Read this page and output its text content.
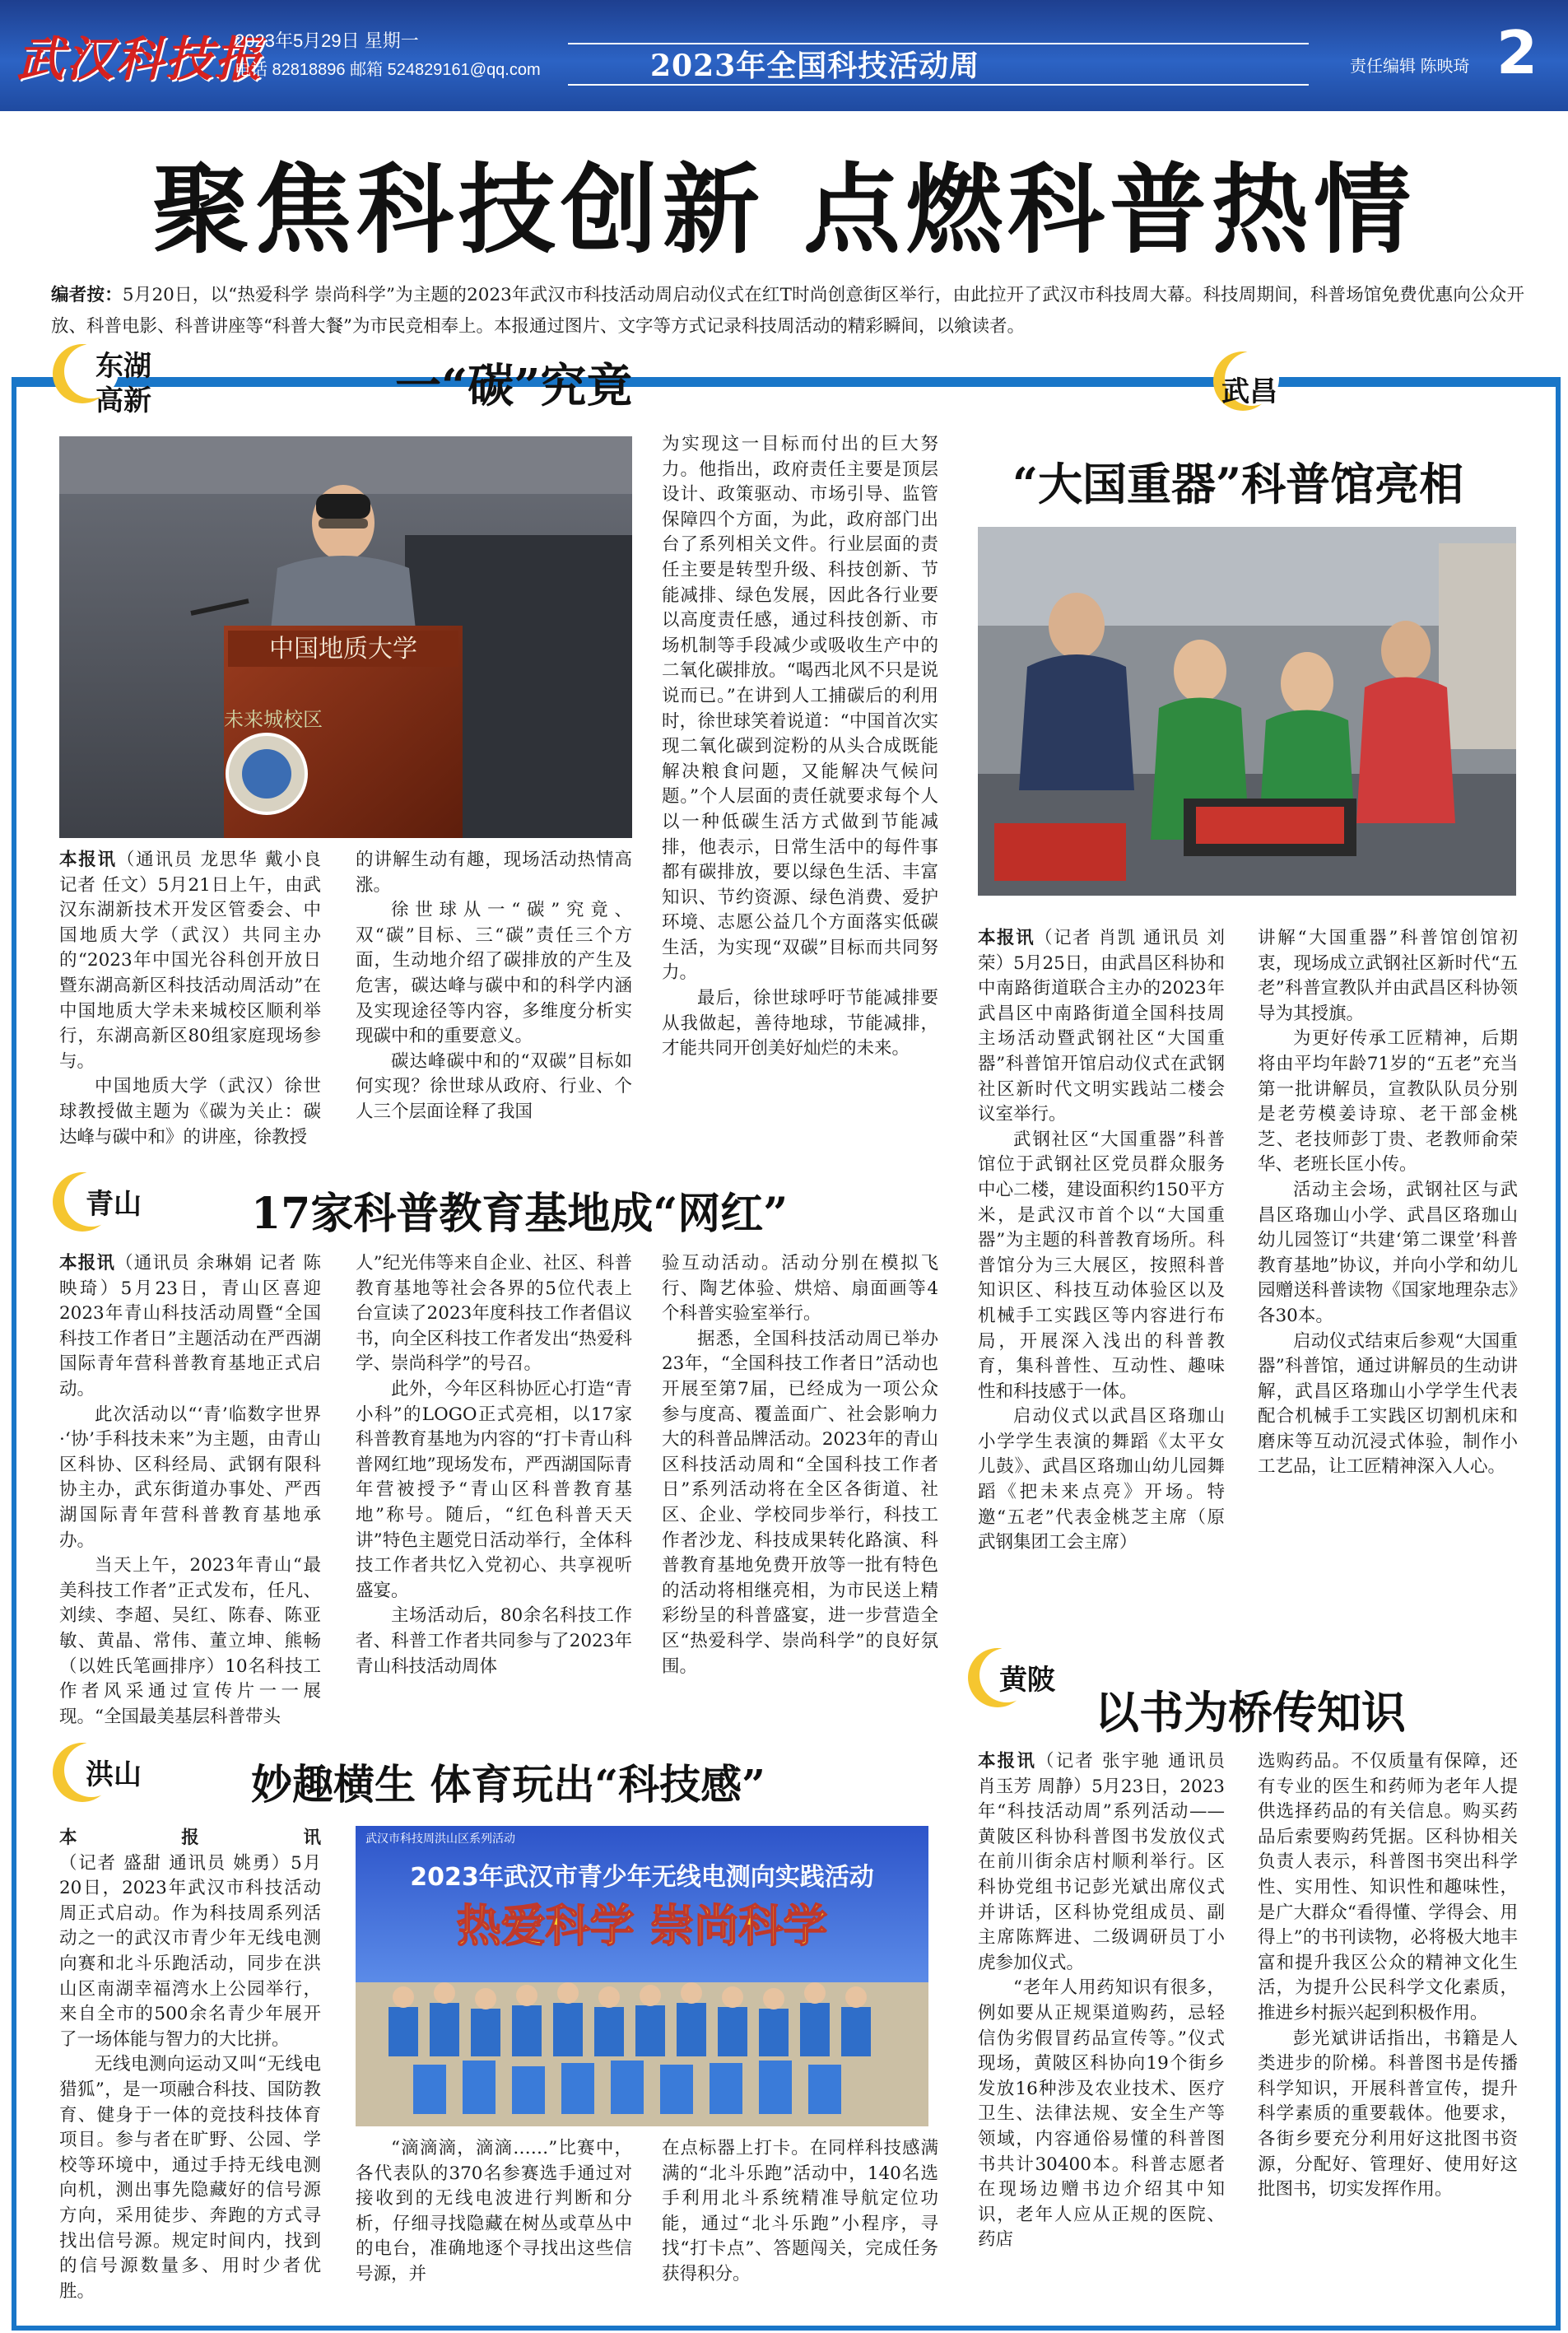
武汉科技报
2023年5月29日 星期一
电话 82818896 邮箱 524829161@qq.com	2023年全国科技活动周	责任编辑 陈映琦 2
聚焦科技创新 点燃科普热情
编者按：5月20日，以“热爱科学 崇尚科学”为主题的2023年武汉市科技活动周启动仪式在红T时尚创意街区举行，由此拉开了武汉市科技周大幕。科技周期间，科普场馆免费优惠向公众开放、科普电影、科普讲座等“科普大餐”为市民竞相奉上。本报通过图片、文字等方式记录科技周活动的精彩瞬间，以飨读者。
东湖高新	一“碳”究竟
中国地质大学
未来城校区

本报讯（通讯员 龙思华 戴小良 记者 任文）5月21日上午，由武汉东湖新技术开发区管委会、中国地质大学（武汉）共同主办的“2023年中国光谷科创开放日暨东湖高新区科技活动周活动”在中国地质大学未来城校区顺利举行，东湖高新区80组家庭现场参与。

中国地质大学（武汉）徐世球教授做主题为《碳为关止：碳达峰与碳中和》的讲座，徐教授

的讲解生动有趣，现场活动热情高涨。

徐世球从一“碳”究竟、双“碳”目标、三“碳”责任三个方面，生动地介绍了碳排放的产生及危害，碳达峰与碳中和的科学内涵及实现途径等内容，多维度分析实现碳中和的重要意义。

碳达峰碳中和的“双碳”目标如何实现？徐世球从政府、行业、个人三个层面诠释了我国

为实现这一目标而付出的巨大努力。他指出，政府责任主要是顶层设计、政策驱动、市场引导、监管保障四个方面，为此，政府部门出台了系列相关文件。行业层面的责任主要是转型升级、科技创新、节能减排、绿色发展，因此各行业要以高度责任感，通过科技创新、市场机制等手段减少或吸收生产中的二氧化碳排放。“喝西北风不只是说说而已。”在讲到人工捕碳后的利用时，徐世球笑着说道：“中国首次实现二氧化碳到淀粉的从头合成既能解决粮食问题，又能解决气候问题。”个人层面的责任就要求每个人以一种低碳生活方式做到节能减排，他表示，日常生活中的每件事都有碳排放，要以绿色生活、丰富知识、节约资源、绿色消费、爱护环境、志愿公益几个方面落实低碳生活，为实现“双碳”目标而共同努力。

最后，徐世球呼吁节能减排要从我做起，善待地球，节能减排，才能共同开创美好灿烂的未来。

武昌
“大国重器”科普馆亮相

本报讯（记者 肖凯 通讯员 刘荣）5月25日，由武昌区科协和中南路街道联合主办的2023年武昌区中南路街道全国科技周主场活动暨武钢社区“大国重器”科普馆开馆启动仪式在武钢社区新时代文明实践站二楼会议室举行。

武钢社区“大国重器”科普馆位于武钢社区党员群众服务中心二楼，建设面积约150平方米，是武汉市首个以“大国重器”为主题的科普教育场所。科普馆分为三大展区，按照科普知识区、科技互动体验区以及机械手工实践区等内容进行布局，开展深入浅出的科普教育，集科普性、互动性、趣味性和科技感于一体。

启动仪式以武昌区珞珈山小学学生表演的舞蹈《太平女儿鼓》、武昌区珞珈山幼儿园舞蹈《把未来点亮》开场。特邀“五老”代表金桃芝主席（原武钢集团工会主席）

讲解“大国重器”科普馆创馆初衷，现场成立武钢社区新时代“五老”科普宣教队并由武昌区科协领导为其授旗。

为更好传承工匠精神，后期将由平均年龄71岁的“五老”充当第一批讲解员，宣教队队员分别是老劳模姜诗琼、老干部金桃芝、老技师彭丁贵、老教师俞荣华、老班长匡小传。

活动主会场，武钢社区与武昌区珞珈山小学、武昌区珞珈山幼儿园签订“共建‘第二课堂’科普教育基地”协议，并向小学和幼儿园赠送科普读物《国家地理杂志》各30本。

启动仪式结束后参观“大国重器”科普馆，通过讲解员的生动讲解，武昌区珞珈山小学学生代表配合机械手工实践区切割机床和磨床等互动沉浸式体验，制作小工艺品，让工匠精神深入人心。

青山	17家科普教育基地成“网红”

本报讯（通讯员 余琳娟 记者 陈映琦）5月23日，青山区喜迎2023年青山科技活动周暨“全国科技工作者日”主题活动在严西湖国际青年营科普教育基地正式启动。

此次活动以“‘青’临数字世界·‘协’手科技未来”为主题，由青山区科协、区科经局、武钢有限科协主办，武东街道办事处、严西湖国际青年营科普教育基地承办。

当天上午，2023年青山“最美科技工作者”正式发布，任凡、刘续、李超、吴红、陈春、陈亚敏、黄晶、常伟、董立坤、熊畅（以姓氏笔画排序）10名科技工作者风采通过宣传片一一展现。“全国最美基层科普带头

人”纪光伟等来自企业、社区、科普教育基地等社会各界的5位代表上台宣读了2023年度科技工作者倡议书，向全区科技工作者发出“热爱科学、崇尚科学”的号召。

此外，今年区科协匠心打造“青小科”的LOGO正式亮相，以17家科普教育基地为内容的“打卡青山科普网红地”现场发布，严西湖国际青年营被授予“青山区科普教育基地”称号。随后，“红色科普天天讲”特色主题党日活动举行，全体科技工作者共忆入党初心、共享视听盛宴。

主场活动后，80余名科技工作者、科普工作者共同参与了2023年青山科技活动周体

验互动活动。活动分别在模拟飞行、陶艺体验、烘焙、扇面画等4个科普实验室举行。

据悉，全国科技活动周已举办23年，“全国科技工作者日”活动也开展至第7届，已经成为一项公众参与度高、覆盖面广、社会影响力大的科普品牌活动。2023年的青山区科技活动周和“全国科技工作者日”系列活动将在全区各街道、社区、企业、学校同步举行，科技工作者沙龙、科技成果转化路演、科普教育基地免费开放等一批有特色的活动将相继亮相，为市民送上精彩纷呈的科普盛宴，进一步营造全区“热爱科学、崇尚科学”的良好氛围。

洪山	妙趣横生 体育玩出“科技感”
武汉市科技周洪山区系列活动
2023年武汉市青少年无线电测向实践活动
热爱科学 崇尚科学

本报讯（记者 盛甜 通讯员 姚勇）5月20日，2023年武汉市科技活动周正式启动。作为科技周系列活动之一的武汉市青少年无线电测向赛和北斗乐跑活动，同步在洪山区南湖幸福湾水上公园举行，来自全市的500余名青少年展开了一场体能与智力的大比拼。

无线电测向运动又叫“无线电猎狐”，是一项融合科技、国防教育、健身于一体的竞技科技体育项目。参与者在旷野、公园、学校等环境中，通过手持无线电测向机，测出事先隐藏好的信号源方向，采用徒步、奔跑的方式寻找出信号源。规定时间内，找到的信号源数量多、用时少者优胜。

“滴滴滴，滴滴……”比赛中，各代表队的370名参赛选手通过对接收到的无线电波进行判断和分析，仔细寻找隐藏在树丛或草丛中的电台，准确地逐个寻找出这些信号源，并

在点标器上打卡。在同样科技感满满的“北斗乐跑”活动中，140名选手利用北斗系统精准导航定位功能，通过“北斗乐跑”小程序，寻找“打卡点”、答题闯关，完成任务获得积分。

黄陂
以书为桥传知识

本报讯（记者 张宇驰 通讯员 肖玉芳 周静）5月23日，2023年“科技活动周”系列活动——黄陂区科协科普图书发放仪式在前川街余店村顺利举行。区科协党组书记彭光斌出席仪式并讲话，区科协党组成员、副主席陈辉进、二级调研员丁小虎参加仪式。

“老年人用药知识有很多，例如要从正规渠道购药，忌轻信伪劣假冒药品宣传等。”仪式现场，黄陂区科协向19个街乡发放16种涉及农业技术、医疗卫生、法律法规、安全生产等领域，内容通俗易懂的科普图书共计30400本。科普志愿者在现场边赠书边介绍其中知识，老年人应从正规的医院、药店

选购药品。不仅质量有保障，还有专业的医生和药师为老年人提供选择药品的有关信息。购买药品后索要购药凭据。区科协相关负责人表示，科普图书突出科学性、实用性、知识性和趣味性，是广大群众“看得懂、学得会、用得上”的书刊读物，必将极大地丰富和提升我区公众的精神文化生活，为提升公民科学文化素质，推进乡村振兴起到积极作用。

彭光斌讲话指出，书籍是人类进步的阶梯。科普图书是传播科学知识，开展科普宣传，提升科学素质的重要载体。他要求，各街乡要充分利用好这批图书资源，分配好、管理好、使用好这批图书，切实发挥作用。
